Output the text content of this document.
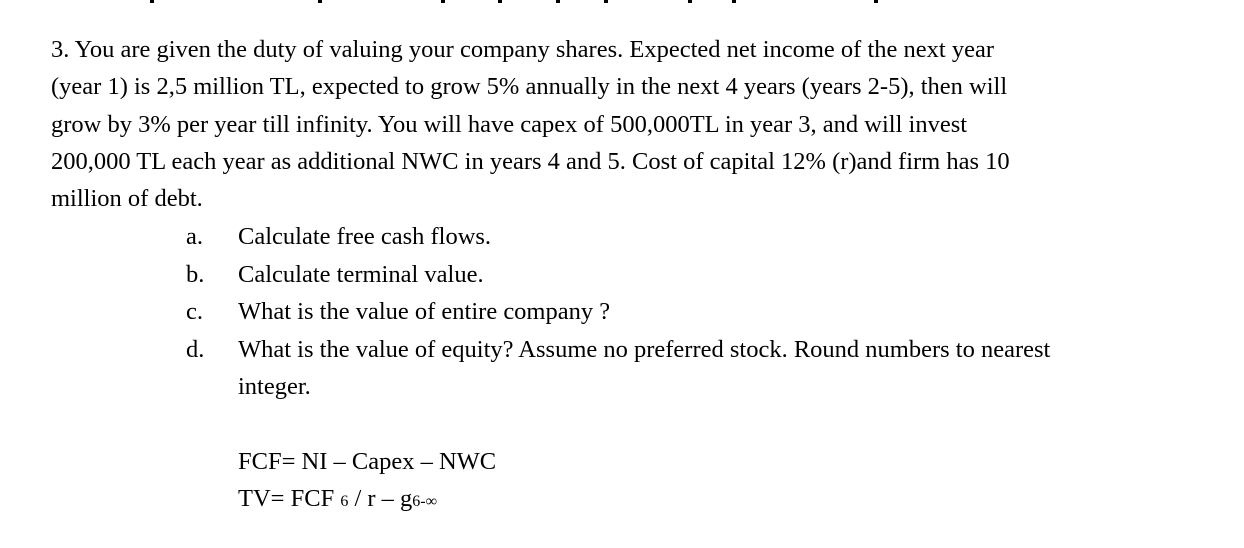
3. You are given the duty of valuing your company shares. Expected net income of the next year
(year 1) is 2,5 million TL, expected to grow 5% annually in the next 4 years (years 2-5), then will
grow by 3% per year till infinity. You will have capex of 500,000TL in year 3, and will invest
200,000 TL each year as additional NWC in years 4 and 5. Cost of capital 12% (r)and firm has 10
million of debt.
a.	Calculate free cash flows.
b.	Calculate terminal value.
c.	What is the value of entire company ?
d.	What is the value of equity? Assume no preferred stock. Round numbers to nearest
integer.
FCF= NI – Capex – NWC
TV= FCF 6 / r – g6-∞
